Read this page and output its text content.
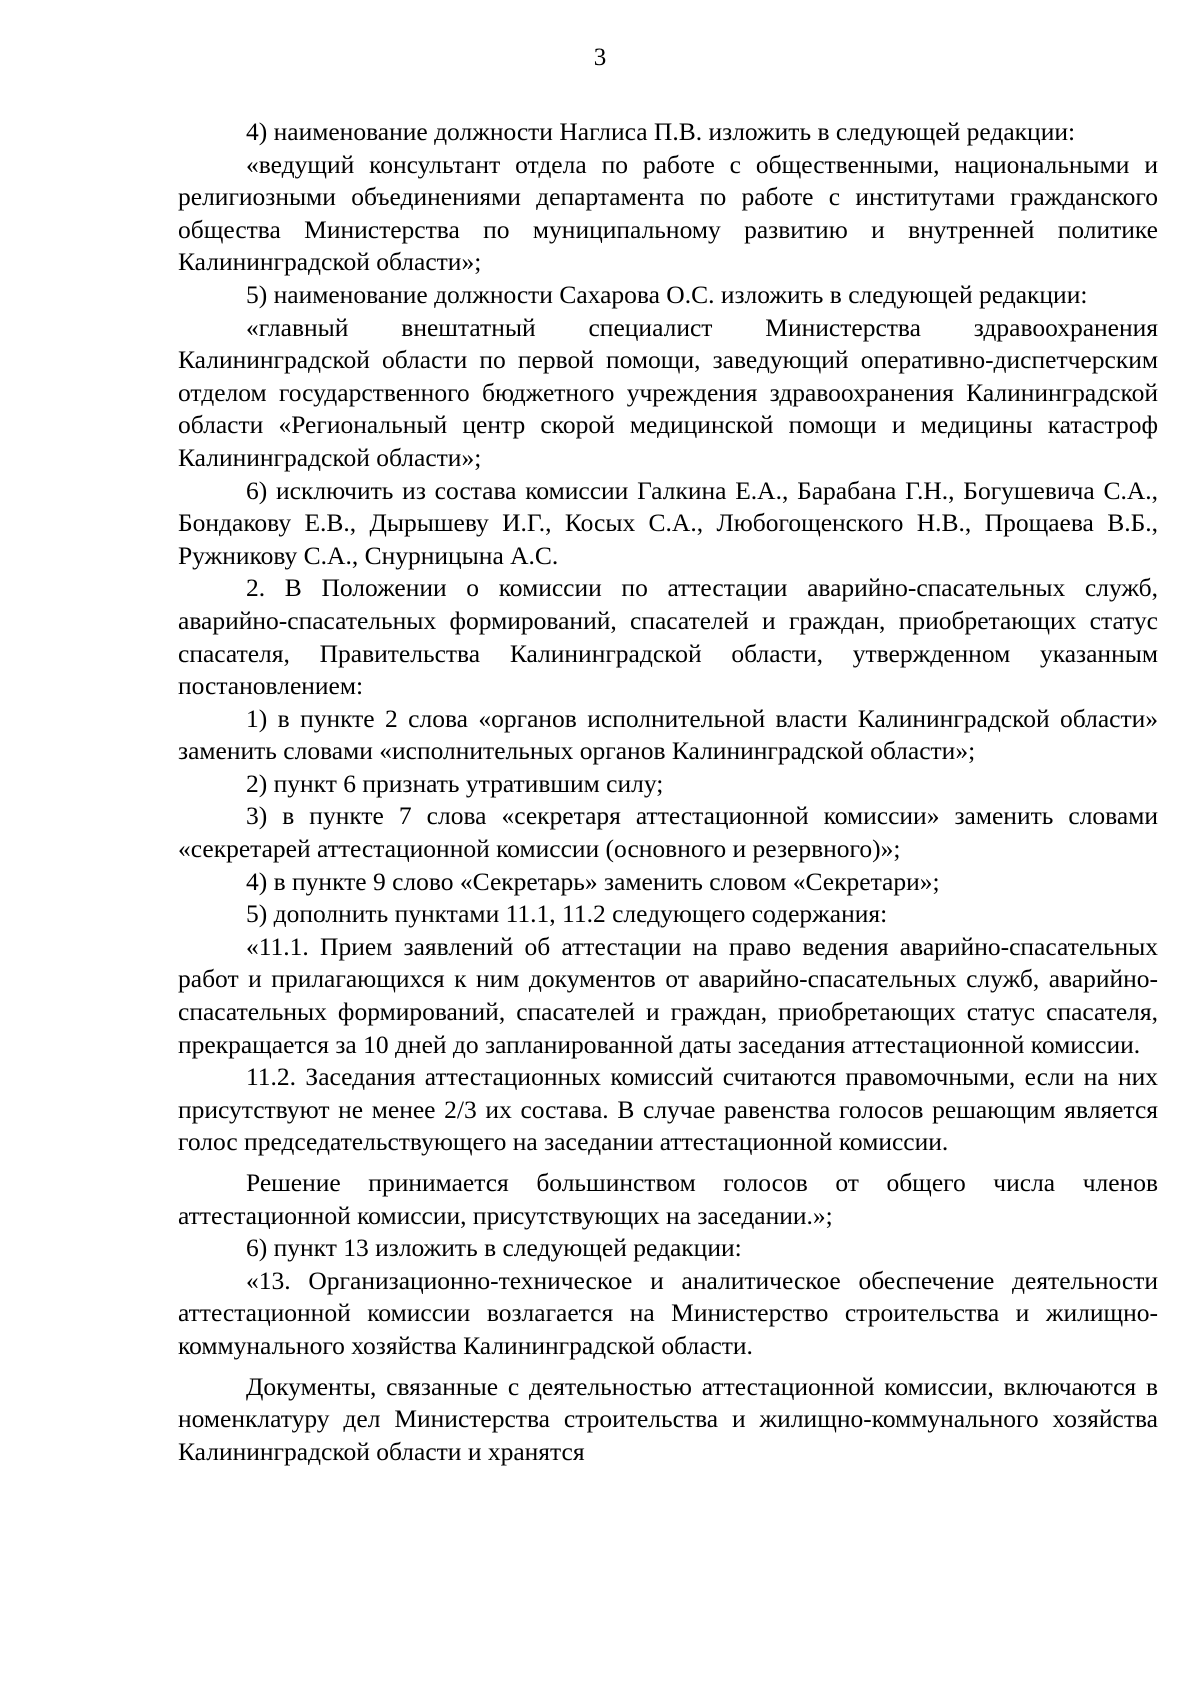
3

4) наименование должности Наглиса П.В. изложить в следующей редакции:

«ведущий консультант отдела по работе с общественными, национальными и религиозными объединениями департамента по работе с институтами гражданского общества Министерства по муниципальному развитию и внутренней политике Калининградской области»;

5) наименование должности Сахарова О.С. изложить в следующей редакции:

«главный внештатный специалист Министерства здравоохранения Калининградской области по первой помощи, заведующий оперативно-диспетчерским отделом государственного бюджетного учреждения здравоохранения Калининградской области «Региональный центр скорой медицинской помощи и медицины катастроф Калининградской области»;

6) исключить из состава комиссии Галкина Е.А., Барабана Г.Н., Богушевича С.А., Бондакову Е.В., Дырышеву И.Г., Косых С.А., Любогощенского Н.В., Прощаева В.Б., Ружникову С.А., Снурницына А.С.

2. В Положении о комиссии по аттестации аварийно-спасательных служб, аварийно-спасательных формирований, спасателей и граждан, приобретающих статус спасателя, Правительства Калининградской области, утвержденном указанным постановлением:

1) в пункте 2 слова «органов исполнительной власти Калининградской области» заменить словами «исполнительных органов Калининградской области»;

2) пункт 6 признать утратившим силу;

3) в пункте 7 слова «секретаря аттестационной комиссии» заменить словами «секретарей аттестационной комиссии (основного и резервного)»;

4) в пункте 9 слово «Секретарь» заменить словом «Секретари»;

5) дополнить пунктами 11.1, 11.2 следующего содержания:

«11.1. Прием заявлений об аттестации на право ведения аварийно-спасательных работ и прилагающихся к ним документов от аварийно-спасательных служб, аварийно-спасательных формирований, спасателей и граждан, приобретающих статус спасателя, прекращается за 10 дней до запланированной даты заседания аттестационной комиссии.

11.2. Заседания аттестационных комиссий считаются правомочными, если на них присутствуют не менее 2/3 их состава. В случае равенства голосов решающим является голос председательствующего на заседании аттестационной комиссии.

Решение принимается большинством голосов от общего числа членов аттестационной комиссии, присутствующих на заседании.»;

6) пункт 13 изложить в следующей редакции:

«13. Организационно-техническое и аналитическое обеспечение деятельности аттестационной комиссии возлагается на Министерство строительства и жилищно-коммунального хозяйства Калининградской области.

Документы, связанные с деятельностью аттестационной комиссии, включаются в номенклатуру дел Министерства строительства и жилищно-коммунального хозяйства Калининградской области и хранятся
